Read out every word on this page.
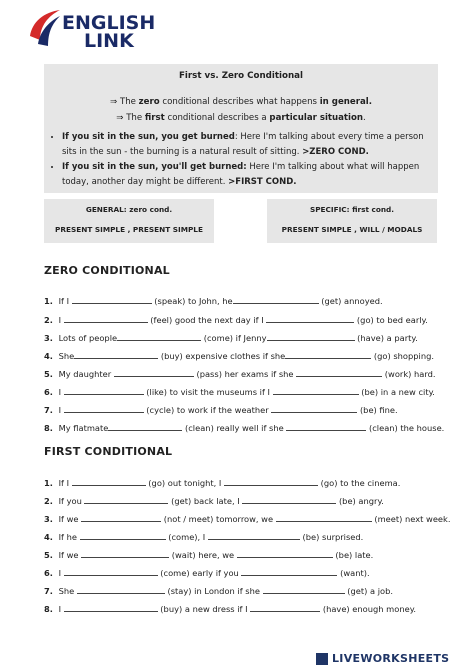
ENGLISH
LINK
First vs. Zero Conditional
⇒ The zero conditional describes what happens in general.
⇒ The first conditional describes a particular situation.
• If you sit in the sun, you get burned: Here I'm talking about every time a person sits in the sun - the burning is a natural result of sitting. >ZERO COND.
• If you sit in the sun, you'll get burned: Here I'm talking about what will happen today, another day might be different. >FIRST COND.
GENERAL: zero cond.
PRESENT SIMPLE , PRESENT SIMPLE
SPECIFIC: first cond.
PRESENT SIMPLE , WILL / MODALS
ZERO CONDITIONAL
1. If I	(speak) to John, he	(get) annoyed.
2. I	(feel) good the next day if I	(go) to bed early.
3. Lots of people	(come) if Jenny	(have) a party.
4. She	(buy) expensive clothes if she	(go) shopping.
5. My daughter	(pass) her exams if she	(work) hard.
6. I	(like) to visit the museums if I	(be) in a new city.
7. I	(cycle) to work if the weather	(be) fine.
8. My flatmate	(clean) really well if she	(clean) the house.
FIRST CONDITIONAL
1. If I	(go) out tonight, I	(go) to the cinema.
2. If you	(get) back late, I	(be) angry.
3. If we	(not / meet) tomorrow, we	(meet) next week.
4. If he	(come), I	(be) surprised.
5. If we	(wait) here, we	(be) late.
6. I	(come) early if you	(want).
7. She	(stay) in London if she	(get) a job.
8. I	(buy) a new dress if I	(have) enough money.
LIVEWORKSHEETS
